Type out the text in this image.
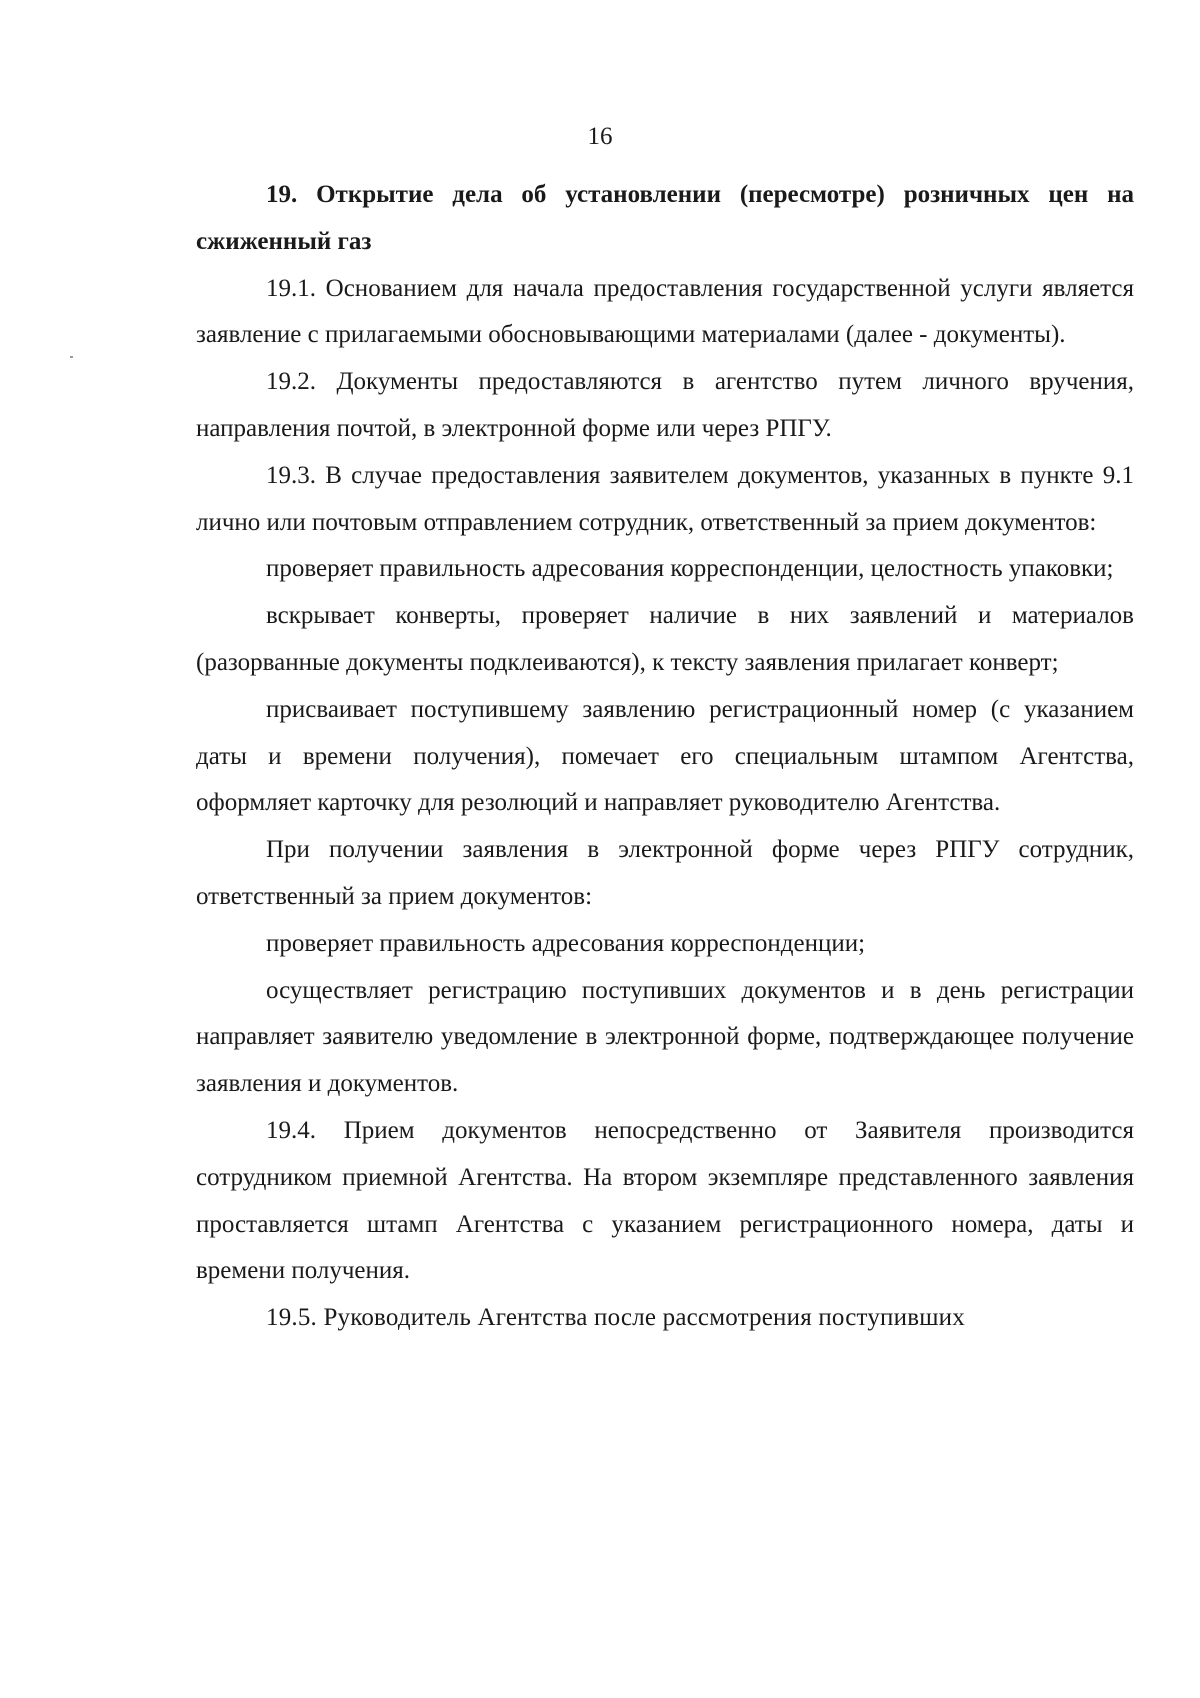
16

19. Открытие дела об установлении (пересмотре) розничных цен на сжиженный газ

19.1. Основанием для начала предоставления государственной услуги является заявление с прилагаемыми обосновывающими материалами (далее - документы).

19.2. Документы предоставляются в агентство путем личного вручения, направления почтой, в электронной форме или через РПГУ.

19.3. В случае предоставления заявителем документов, указанных в пункте 9.1 лично или почтовым отправлением сотрудник, ответственный за прием документов:

проверяет правильность адресования корреспонденции, целостность упаковки;

вскрывает конверты, проверяет наличие в них заявлений и материалов (разорванные документы подклеиваются), к тексту заявления прилагает конверт;

присваивает поступившему заявлению регистрационный номер (с указанием даты и времени получения), помечает его специальным штампом Агентства, оформляет карточку для резолюций и направляет руководителю Агентства.

При получении заявления в электронной форме через РПГУ сотрудник, ответственный за прием документов:

проверяет правильность адресования корреспонденции;

осуществляет регистрацию поступивших документов и в день регистрации направляет заявителю уведомление в электронной форме, подтверждающее получение заявления и документов.

19.4. Прием документов непосредственно от Заявителя производится сотрудником приемной Агентства. На втором экземпляре представленного заявления проставляется штамп Агентства с указанием регистрационного номера, даты и времени получения.

19.5. Руководитель Агентства после рассмотрения поступивших
